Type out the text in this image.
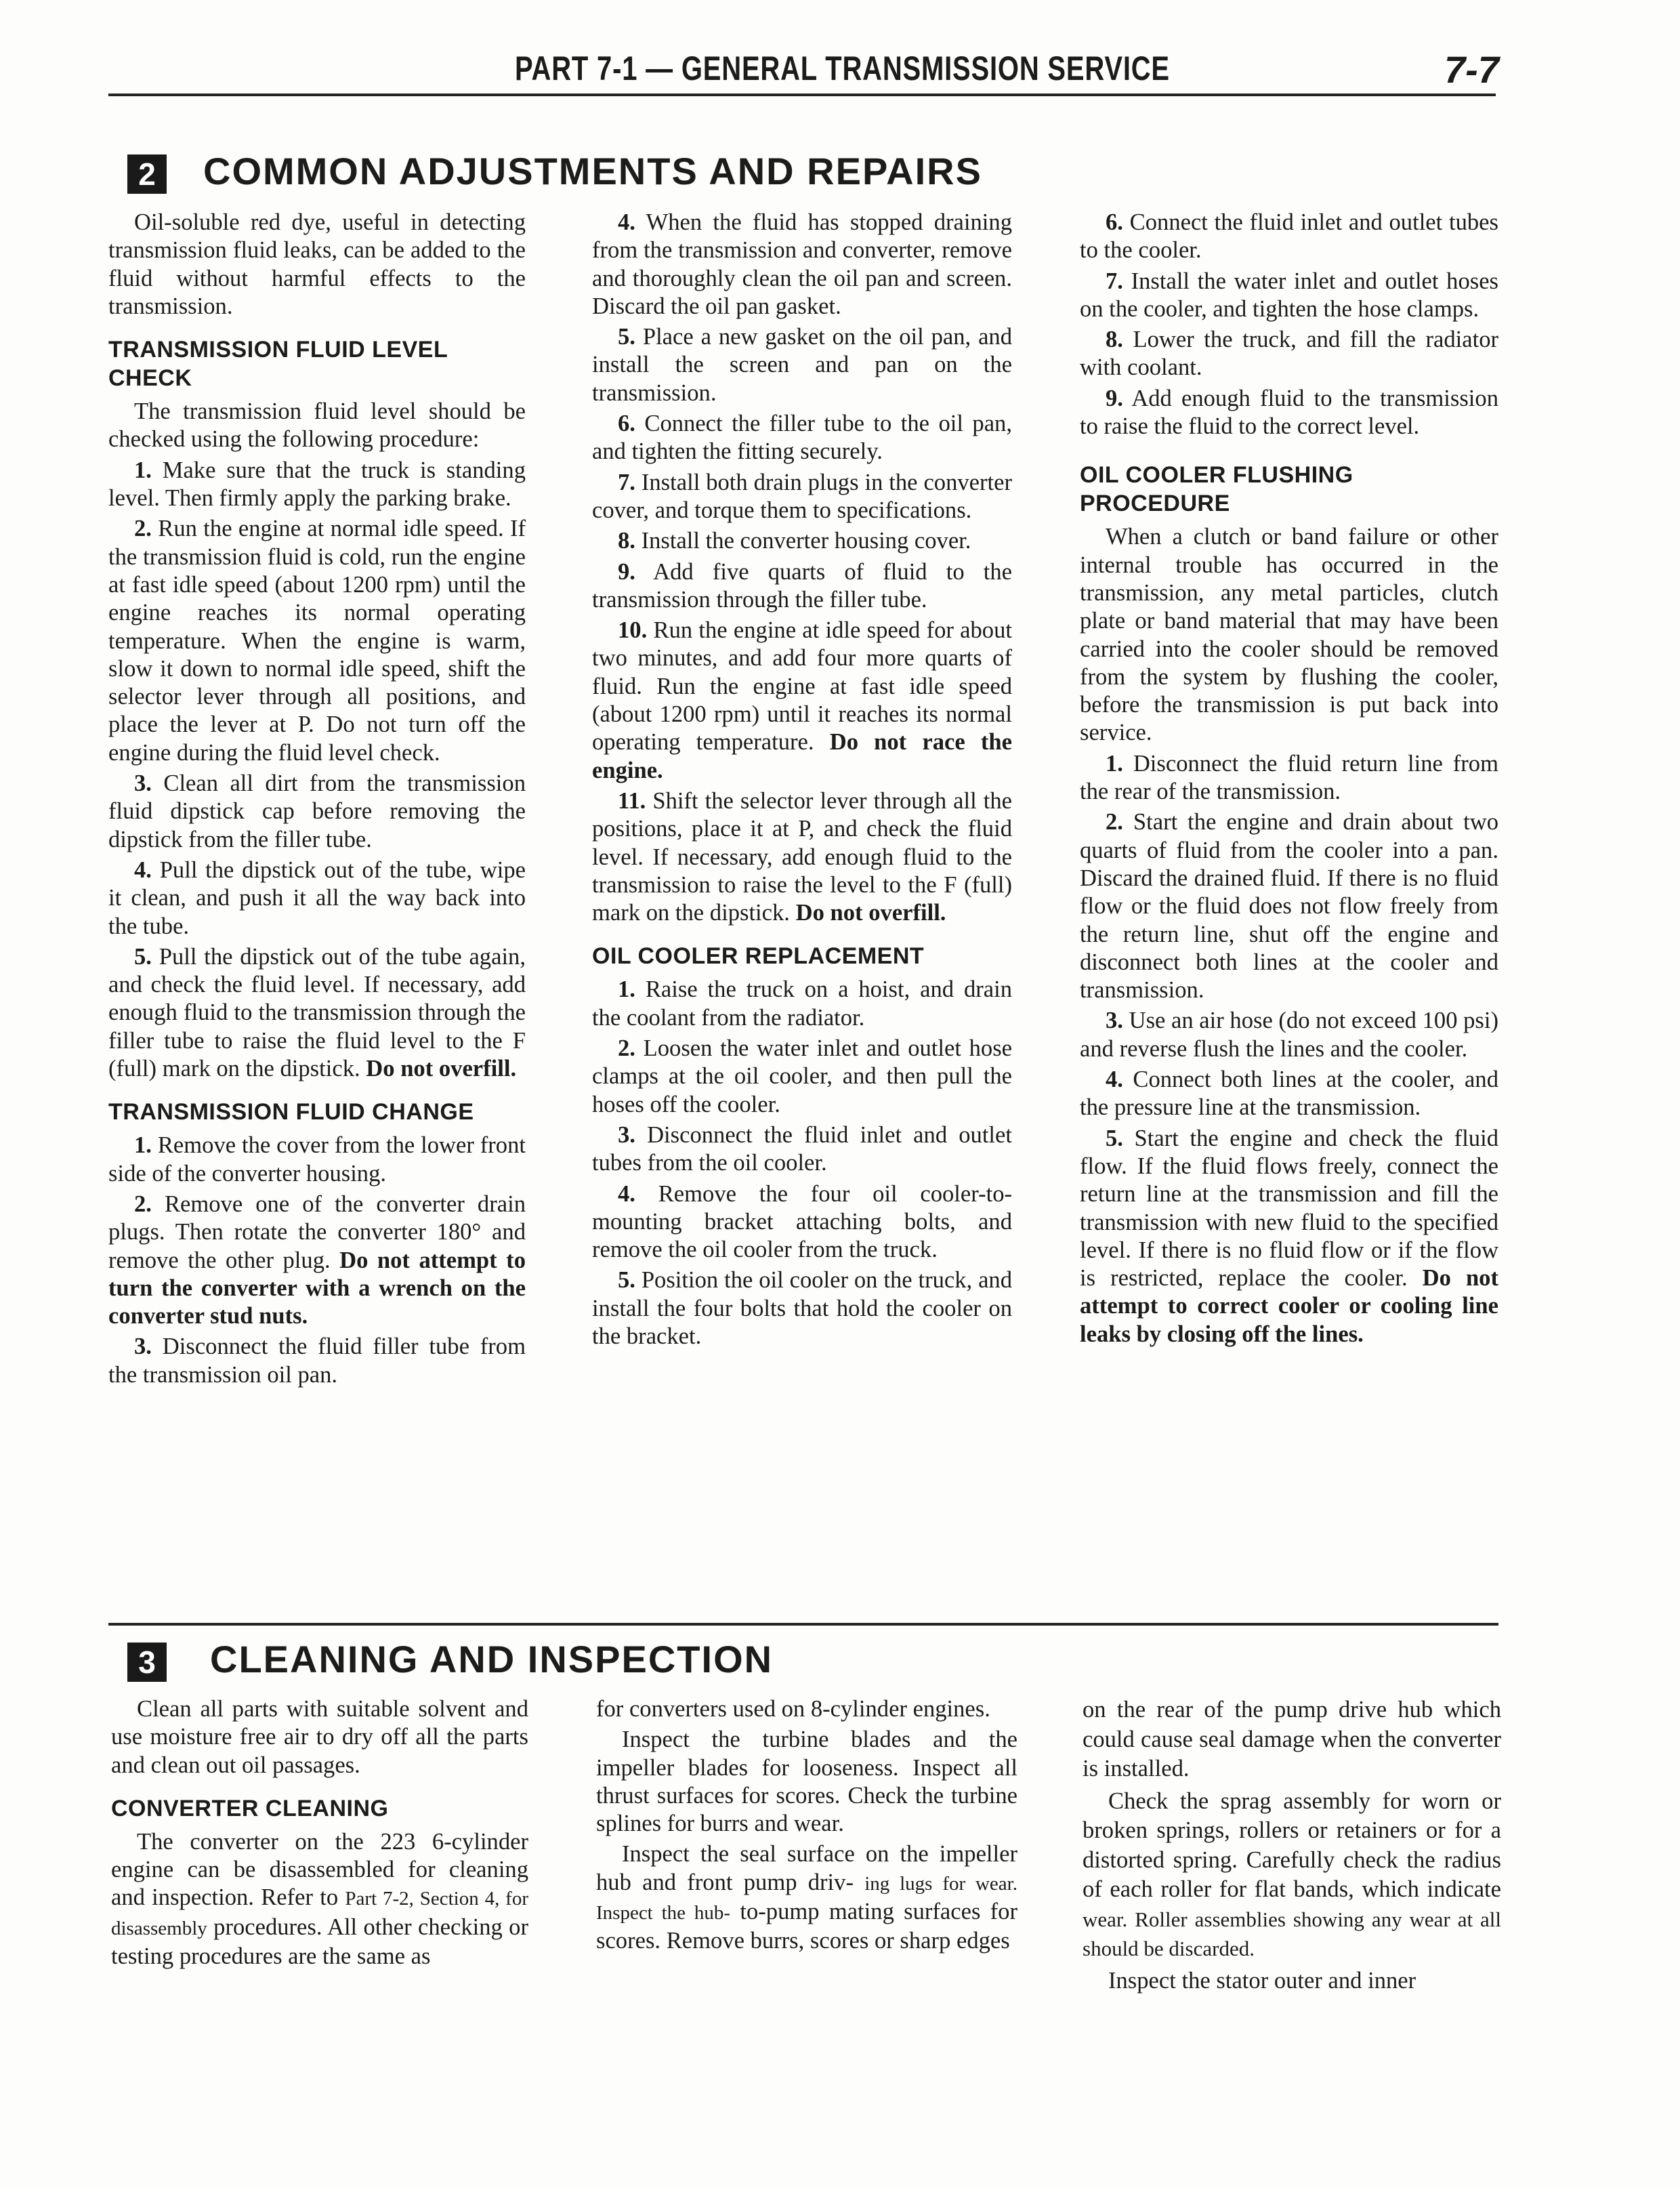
PART 7-1 — GENERAL TRANSMISSION SERVICE	7-7
2 COMMON ADJUSTMENTS AND REPAIRS

Oil-soluble red dye, useful in detecting transmission fluid leaks, can be added to the fluid without harmful effects to the transmission.

TRANSMISSION FLUID LEVEL CHECK

The transmission fluid level should be checked using the following procedure:

1. Make sure that the truck is standing level. Then firmly apply the parking brake.

2. Run the engine at normal idle speed. If the transmission fluid is cold, run the engine at fast idle speed (about 1200 rpm) until the engine reaches its normal operating temperature. When the engine is warm, slow it down to normal idle speed, shift the selector lever through all positions, and place the lever at P. Do not turn off the engine during the fluid level check.

3. Clean all dirt from the transmission fluid dipstick cap before removing the dipstick from the filler tube.

4. Pull the dipstick out of the tube, wipe it clean, and push it all the way back into the tube.

5. Pull the dipstick out of the tube again, and check the fluid level. If necessary, add enough fluid to the transmission through the filler tube to raise the fluid level to the F (full) mark on the dipstick. Do not overfill.

TRANSMISSION FLUID CHANGE

1. Remove the cover from the lower front side of the converter housing.

2. Remove one of the converter drain plugs. Then rotate the converter 180° and remove the other plug. Do not attempt to turn the converter with a wrench on the converter stud nuts.

3. Disconnect the fluid filler tube from the transmission oil pan.

4. When the fluid has stopped draining from the transmission and converter, remove and thoroughly clean the oil pan and screen. Discard the oil pan gasket.

5. Place a new gasket on the oil pan, and install the screen and pan on the transmission.

6. Connect the filler tube to the oil pan, and tighten the fitting securely.

7. Install both drain plugs in the converter cover, and torque them to specifications.

8. Install the converter housing cover.

9. Add five quarts of fluid to the transmission through the filler tube.

10. Run the engine at idle speed for about two minutes, and add four more quarts of fluid. Run the engine at fast idle speed (about 1200 rpm) until it reaches its normal operating temperature. Do not race the engine.

11. Shift the selector lever through all the positions, place it at P, and check the fluid level. If necessary, add enough fluid to the transmission to raise the level to the F (full) mark on the dipstick. Do not overfill.

OIL COOLER REPLACEMENT

1. Raise the truck on a hoist, and drain the coolant from the radiator.

2. Loosen the water inlet and outlet hose clamps at the oil cooler, and then pull the hoses off the cooler.

3. Disconnect the fluid inlet and outlet tubes from the oil cooler.

4. Remove the four oil cooler-to-mounting bracket attaching bolts, and remove the oil cooler from the truck.

5. Position the oil cooler on the truck, and install the four bolts that hold the cooler on the bracket.

6. Connect the fluid inlet and outlet tubes to the cooler.

7. Install the water inlet and outlet hoses on the cooler, and tighten the hose clamps.

8. Lower the truck, and fill the radiator with coolant.

9. Add enough fluid to the transmission to raise the fluid to the correct level.

OIL COOLER FLUSHING PROCEDURE

When a clutch or band failure or other internal trouble has occurred in the transmission, any metal particles, clutch plate or band material that may have been carried into the cooler should be removed from the system by flushing the cooler, before the transmission is put back into service.

1. Disconnect the fluid return line from the rear of the transmission.

2. Start the engine and drain about two quarts of fluid from the cooler into a pan. Discard the drained fluid. If there is no fluid flow or the fluid does not flow freely from the return line, shut off the engine and disconnect both lines at the cooler and transmission.

3. Use an air hose (do not exceed 100 psi) and reverse flush the lines and the cooler.

4. Connect both lines at the cooler, and the pressure line at the transmission.

5. Start the engine and check the fluid flow. If the fluid flows freely, connect the return line at the transmission and fill the transmission with new fluid to the specified level. If there is no fluid flow or if the flow is restricted, replace the cooler. Do not attempt to correct cooler or cooling line leaks by closing off the lines.

3 CLEANING AND INSPECTION

Clean all parts with suitable solvent and use moisture free air to dry off all the parts and clean out oil passages.

CONVERTER CLEANING

The converter on the 223 6-cylinder engine can be disassembled for cleaning and inspection. Refer to Part 7-2, Section 4, for disassembly procedures. All other checking or testing procedures are the same as

for converters used on 8-cylinder engines.

Inspect the turbine blades and the impeller blades for looseness. Inspect all thrust surfaces for scores. Check the turbine splines for burrs and wear.

Inspect the seal surface on the impeller hub and front pump driv- ing lugs for wear. Inspect the hub- to-pump mating surfaces for scores. Remove burrs, scores or sharp edges

on the rear of the pump drive hub which could cause seal damage when the converter is installed.

Check the sprag assembly for worn or broken springs, rollers or retainers or for a distorted spring. Carefully check the radius of each roller for flat bands, which indicate wear. Roller assemblies showing any wear at all should be discarded.

Inspect the stator outer and inner
